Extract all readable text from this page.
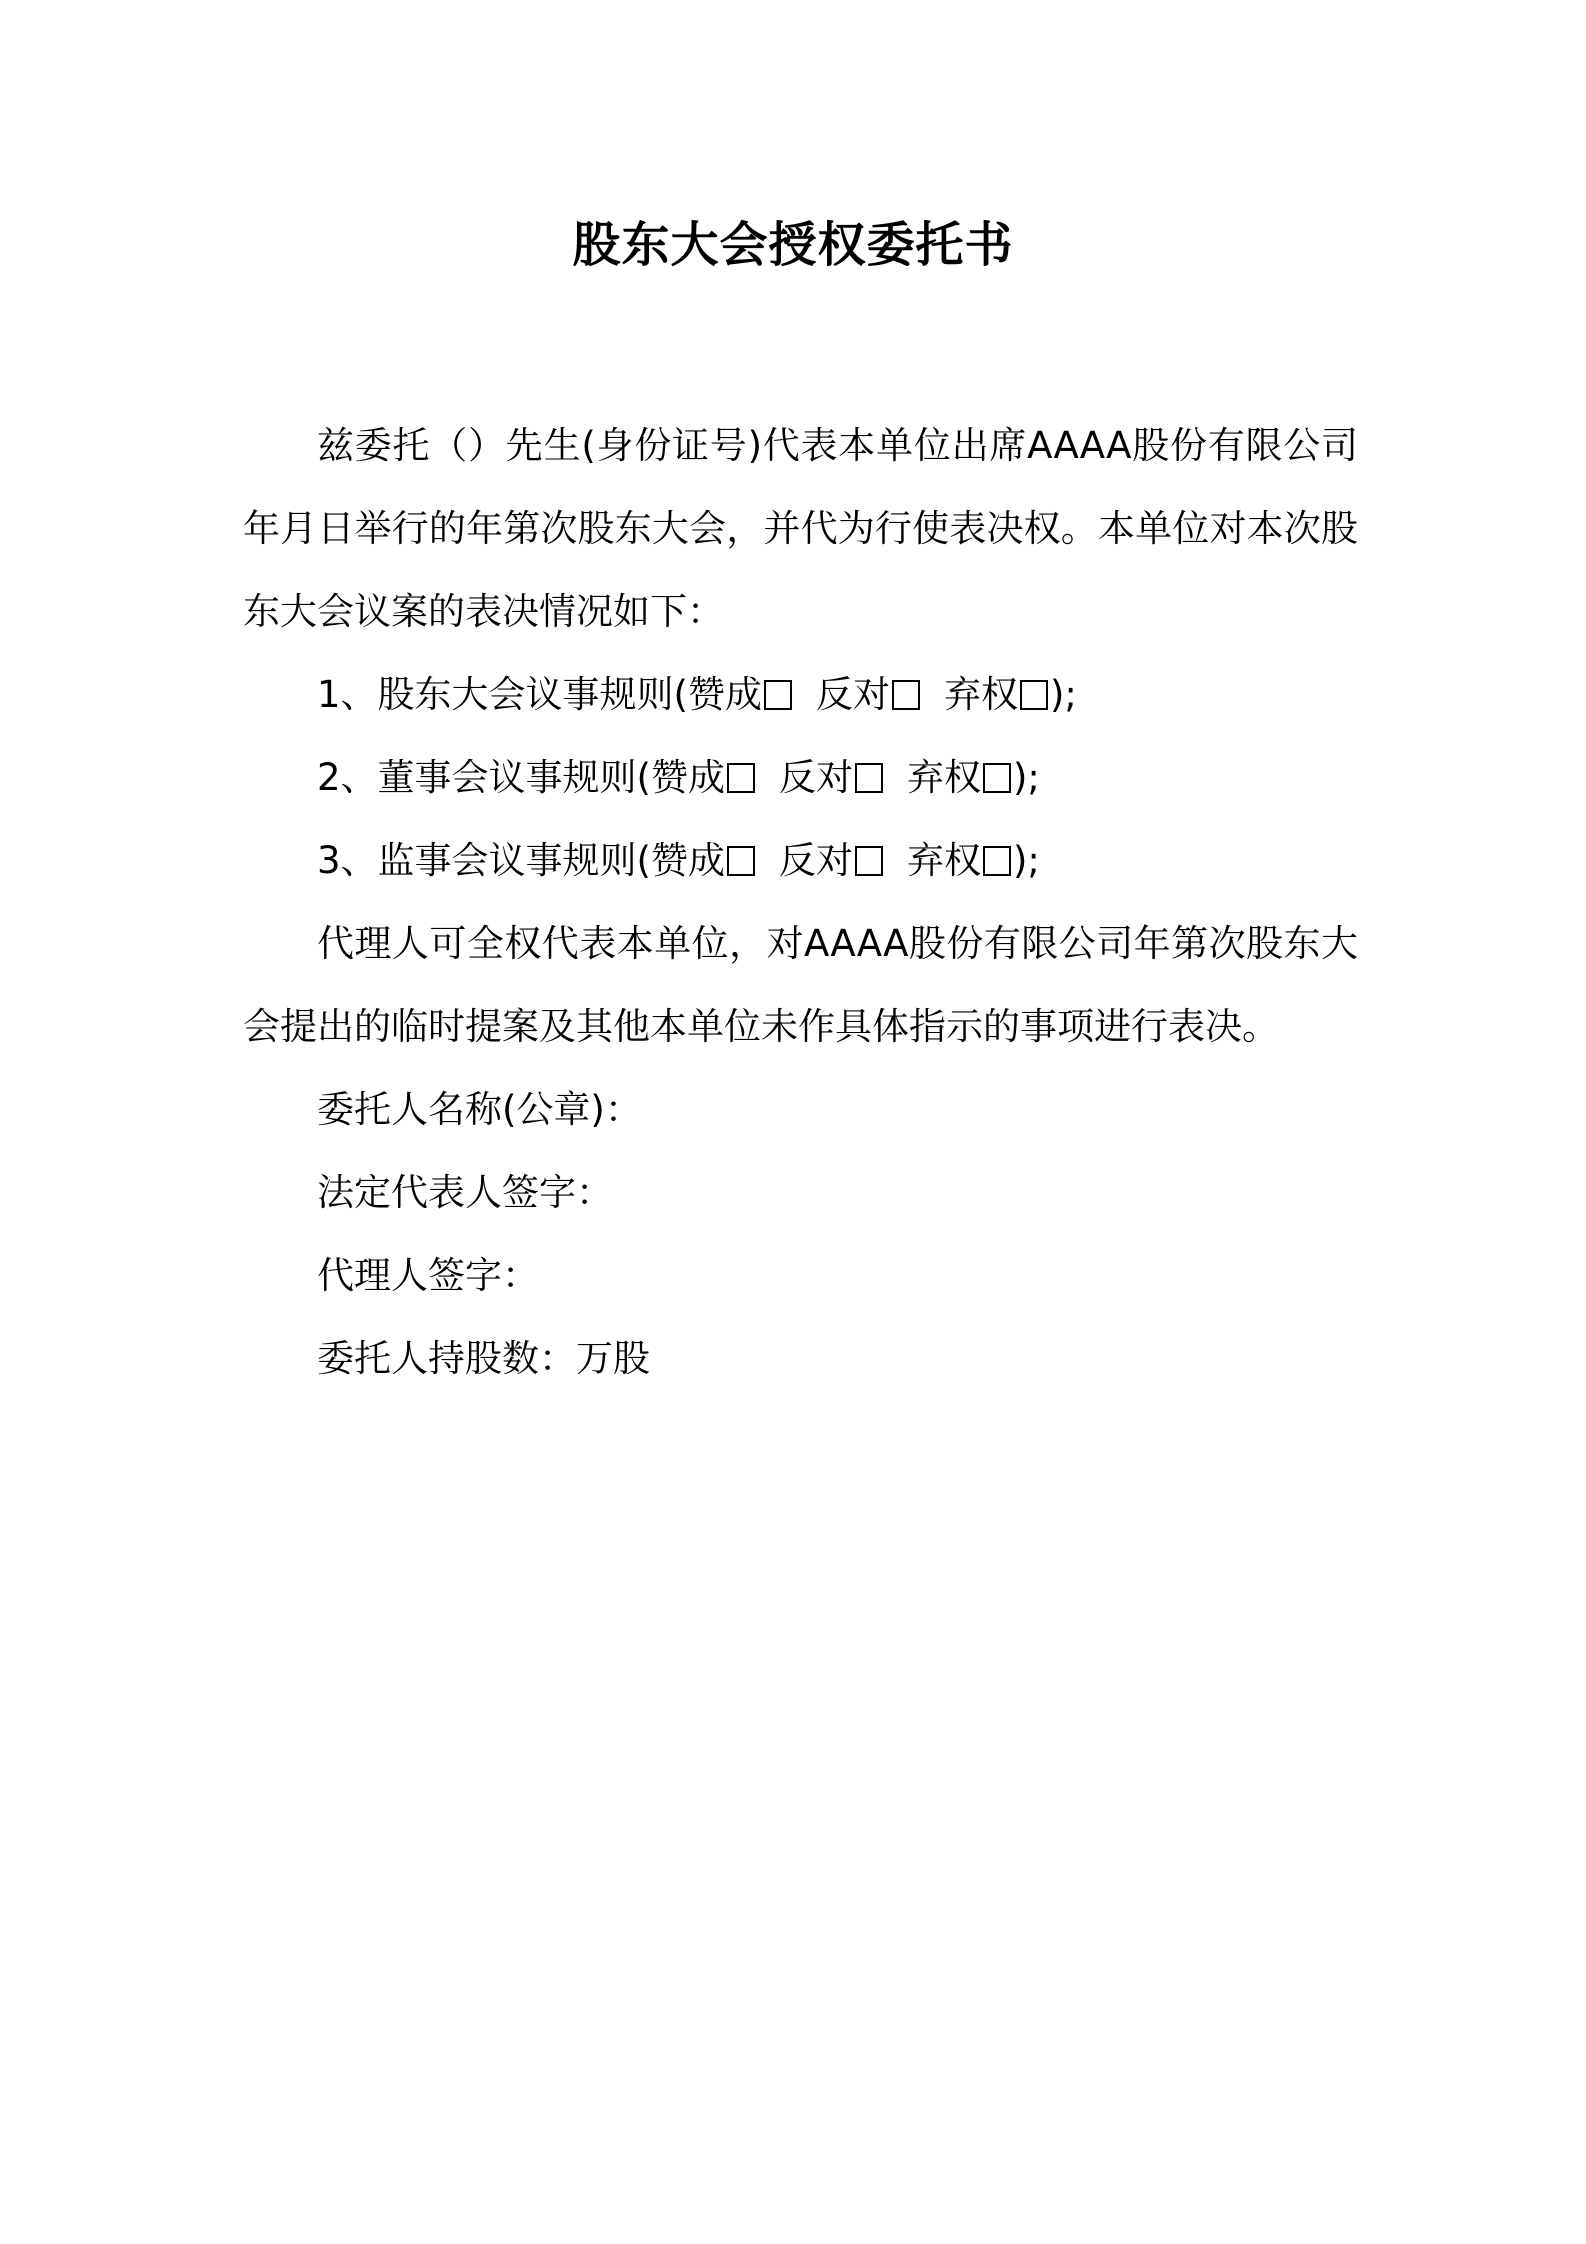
股东大会授权委托书

兹委托（）先生(身份证号)代表本单位出席AAAA股份有限公司年月日举行的年第次股东大会，并代为行使表决权。本单位对本次股东大会议案的表决情况如下：

1、股东大会议事规则(赞成 反对 弃权 );

2、董事会议事规则(赞成 反对 弃权 );

3、监事会议事规则(赞成 反对 弃权 );

代理人可全权代表本单位，对AAAA股份有限公司年第次股东大会提出的临时提案及其他本单位未作具体指示的事项进行表决。

委托人名称(公章)：

法定代表人签字：

代理人签字：

委托人持股数：万股
